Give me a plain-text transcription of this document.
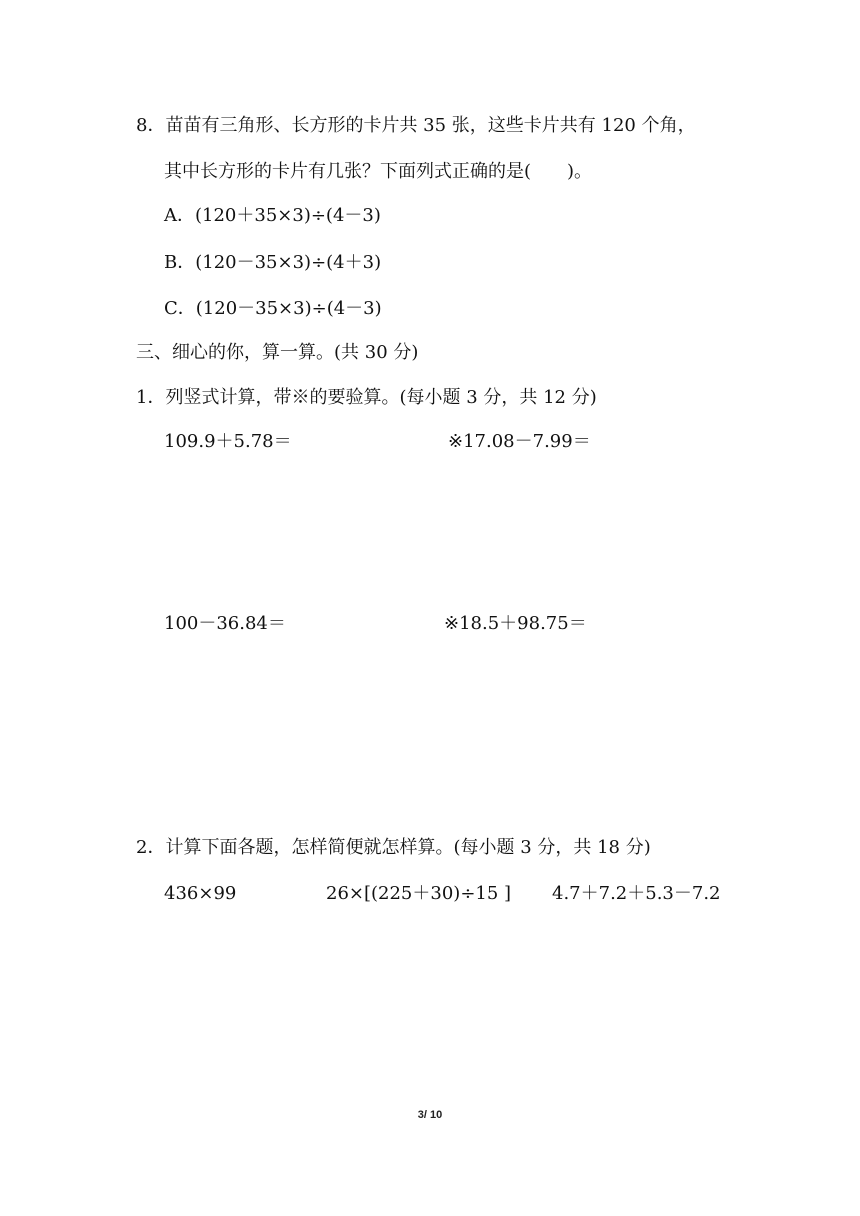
8．苗苗有三角形、长方形的卡片共 35 张，这些卡片共有 120 个角，
其中长方形的卡片有几张？下面列式正确的是(　　)。
A．(120＋35×3)÷(4－3)
B．(120－35×3)÷(4＋3)
C．(120－35×3)÷(4－3)
三、细心的你，算一算。(共 30 分)
1．列竖式计算，带※的要验算。(每小题 3 分，共 12 分)
109.9＋5.78＝	※17.08－7.99＝
100－36.84＝	※18.5＋98.75＝
2．计算下面各题，怎样简便就怎样算。(每小题 3 分，共 18 分)
436×99	26×[(225＋30)÷15 ] 4.7＋7.2＋5.3－7.2
3/ 10
